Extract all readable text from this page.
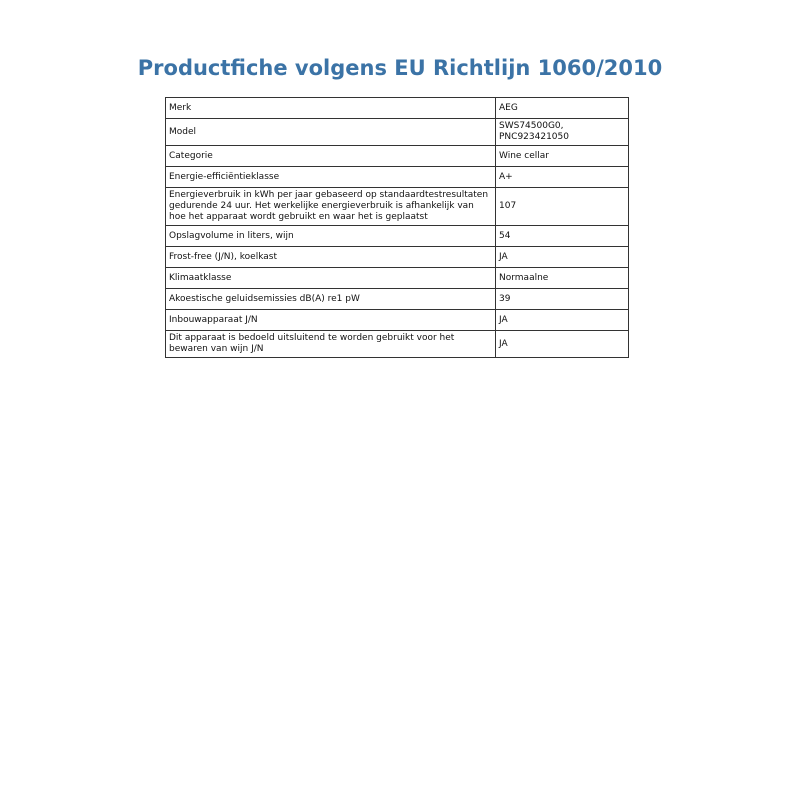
Productfiche volgens EU Richtlijn 1060/2010
Merk	AEG
Model	SWS74500G0, PNC923421050
Categorie	Wine cellar
Energie-efficiëntieklasse	A+
Energieverbruik in kWh per jaar gebaseerd op standaardtestresultaten gedurende 24 uur. Het werkelijke energieverbruik is afhankelijk van hoe het apparaat wordt gebruikt en waar het is geplaatst	107
Opslagvolume in liters, wijn	54
Frost-free (J/N), koelkast	JA
Klimaatklasse	Normaalne
Akoestische geluidsemissies dB(A) re1 pW	39
Inbouwapparaat J/N	JA
Dit apparaat is bedoeld uitsluitend te worden gebruikt voor het bewaren van wijn J/N	JA
